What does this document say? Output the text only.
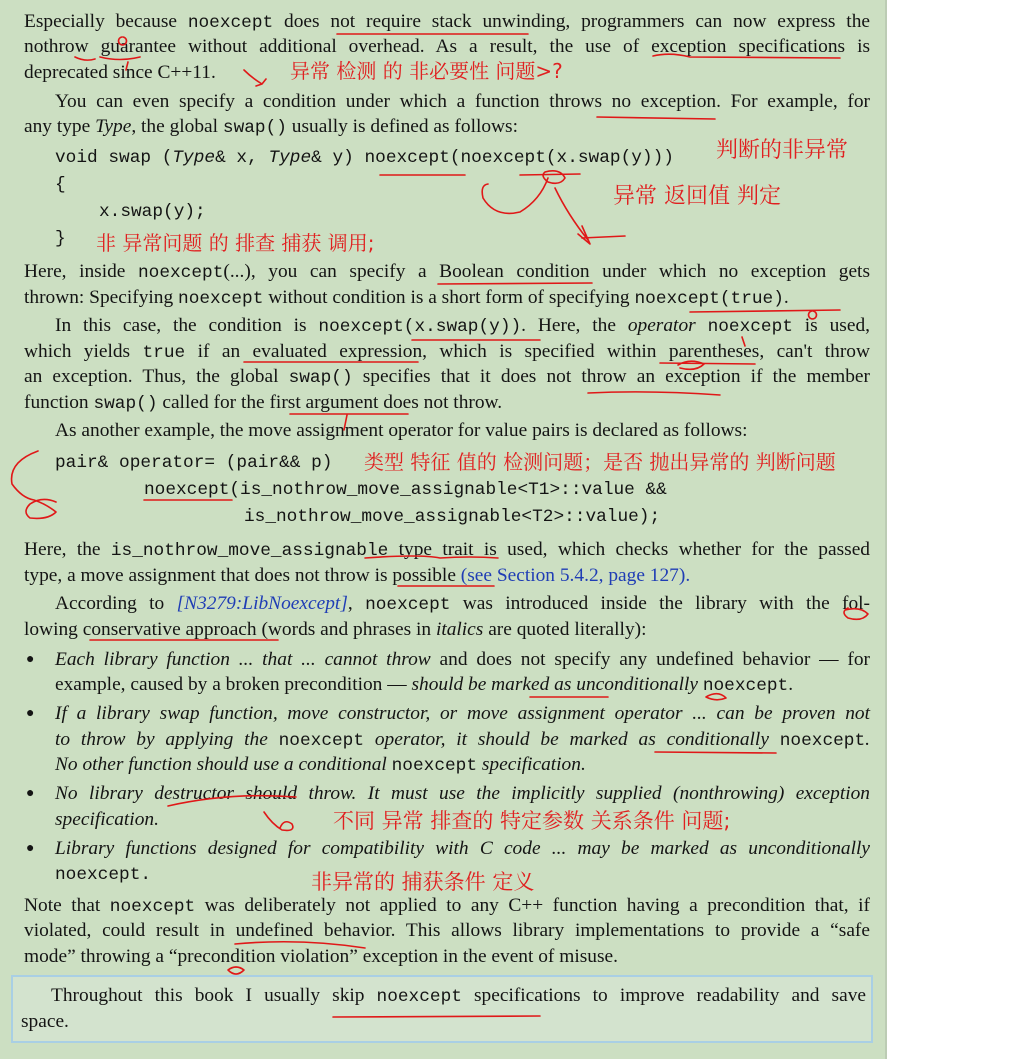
Especially because noexcept does not require stack unwinding, programmers can now express the
nothrow guarantee without additional overhead. As a result, the use of exception specifications is
deprecated since C++11.
You can even specify a condition under which a function throws no exception. For example, for
any type Type, the global swap() usually is defined as follows:
void swap (Type& x, Type& y) noexcept(noexcept(x.swap(y)))
{
x.swap(y);
}
Here, inside noexcept(...), you can specify a Boolean condition under which no exception gets
thrown: Specifying noexcept without condition is a short form of specifying noexcept(true).
In this case, the condition is noexcept(x.swap(y)). Here, the operator noexcept is used,
which yields true if an evaluated expression, which is specified within parentheses, can't throw
an exception. Thus, the global swap() specifies that it does not throw an exception if the member
function swap() called for the first argument does not throw.
As another example, the move assignment operator for value pairs is declared as follows:
pair& operator= (pair&& p)
noexcept(is_nothrow_move_assignable<T1>::value &&
is_nothrow_move_assignable<T2>::value);
Here, the is_nothrow_move_assignable type trait is used, which checks whether for the passed
type, a move assignment that does not throw is possible (see Section 5.4.2, page 127).
According to [N3279:LibNoexcept], noexcept was introduced inside the library with the fol-
lowing conservative approach (words and phrases in italics are quoted literally):
● Each library function ... that ... cannot throw and does not specify any undefined behavior — for
example, caused by a broken precondition — should be marked as unconditionally noexcept.
● If a library swap function, move constructor, or move assignment operator ... can be proven not
to throw by applying the noexcept operator, it should be marked as conditionally noexcept.
No other function should use a conditional noexcept specification.
● No library destructor should throw. It must use the implicitly supplied (nonthrowing) exception
specification.
● Library functions designed for compatibility with C code ... may be marked as unconditionally
noexcept.
Note that noexcept was deliberately not applied to any C++ function having a precondition that, if
violated, could result in undefined behavior. This allows library implementations to provide a “safe
mode” throwing a “precondition violation” exception in the event of misuse.
Throughout this book I usually skip noexcept specifications to improve readability and save
space.
异常 检测 的 非必要性 问题>?
判断的非异常
异常 返回值 判定
非 异常问题 的 排查 捕获 调用;
类型 特征 值的 检测问题；是否 抛出异常的 判断问题
不同 异常 排查的 特定参数 关系条件 问题;
非异常的 捕获条件 定义
